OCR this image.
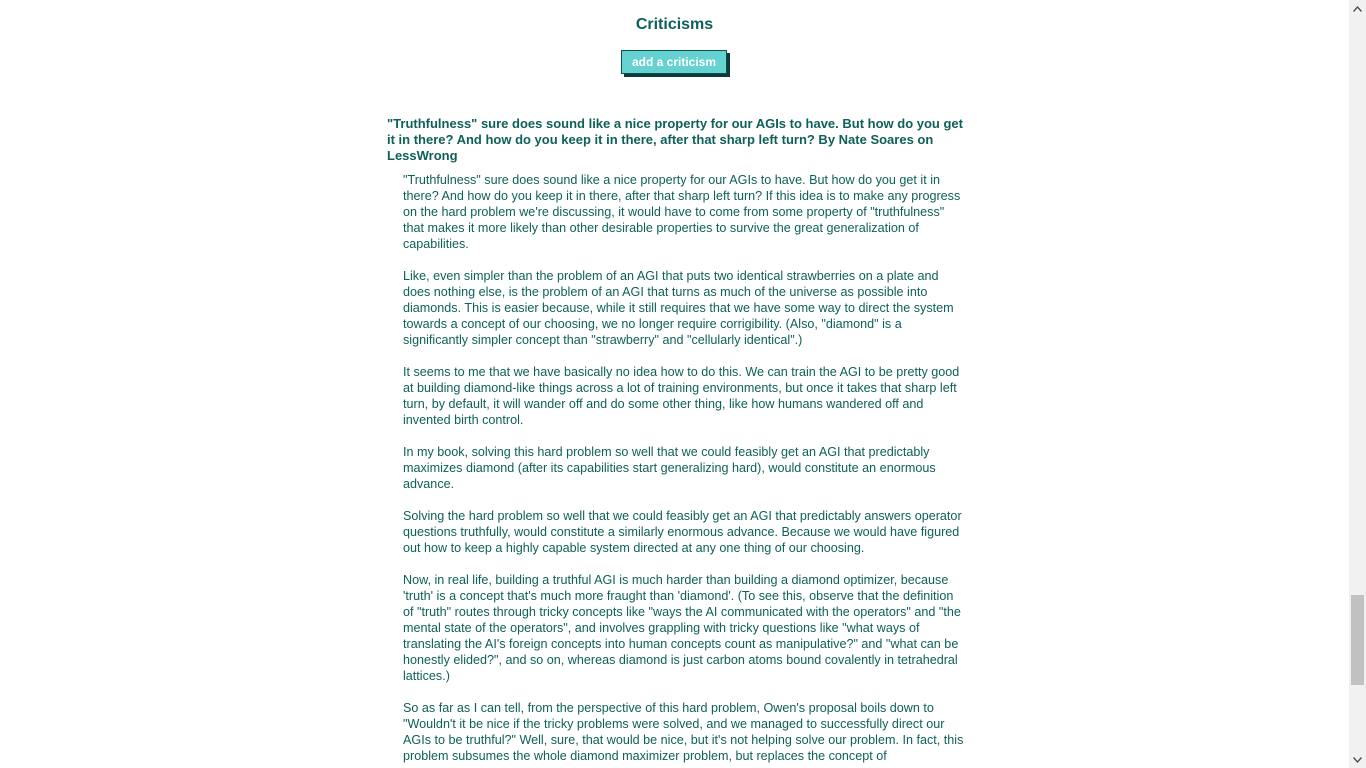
Criticisms
add a criticism
"Truthfulness" sure does sound like a nice property for our AGIs to have. But how do you get it in there? And how do you keep it in there, after that sharp left turn? By Nate Soares on LessWrong

"Truthfulness" sure does sound like a nice property for our AGIs to have. But how do you get it in there? And how do you keep it in there, after that sharp left turn? If this idea is to make any progress on the hard problem we're discussing, it would have to come from some property of "truthfulness" that makes it more likely than other desirable properties to survive the great generalization of capabilities.

Like, even simpler than the problem of an AGI that puts two identical strawberries on a plate and does nothing else, is the problem of an AGI that turns as much of the universe as possible into diamonds. This is easier because, while it still requires that we have some way to direct the system towards a concept of our choosing, we no longer require corrigibility. (Also, "diamond" is a significantly simpler concept than "strawberry" and "cellularly identical".)

It seems to me that we have basically no idea how to do this. We can train the AGI to be pretty good at building diamond-like things across a lot of training environments, but once it takes that sharp left turn, by default, it will wander off and do some other thing, like how humans wandered off and invented birth control.

In my book, solving this hard problem so well that we could feasibly get an AGI that predictably maximizes diamond (after its capabilities start generalizing hard), would constitute an enormous advance.

Solving the hard problem so well that we could feasibly get an AGI that predictably answers operator questions truthfully, would constitute a similarly enormous advance. Because we would have figured out how to keep a highly capable system directed at any one thing of our choosing.

Now, in real life, building a truthful AGI is much harder than building a diamond optimizer, because 'truth' is a concept that's much more fraught than 'diamond'. (To see this, observe that the definition of "truth" routes through tricky concepts like "ways the AI communicated with the operators" and "the mental state of the operators", and involves grappling with tricky questions like "what ways of translating the AI's foreign concepts into human concepts count as manipulative?" and "what can be honestly elided?", and so on, whereas diamond is just carbon atoms bound covalently in tetrahedral lattices.)

So as far as I can tell, from the perspective of this hard problem, Owen's proposal boils down to "Wouldn't it be nice if the tricky problems were solved, and we managed to successfully direct our AGIs to be truthful?" Well, sure, that would be nice, but it's not helping solve our problem. In fact, this problem subsumes the whole diamond maximizer problem, but replaces the concept of
